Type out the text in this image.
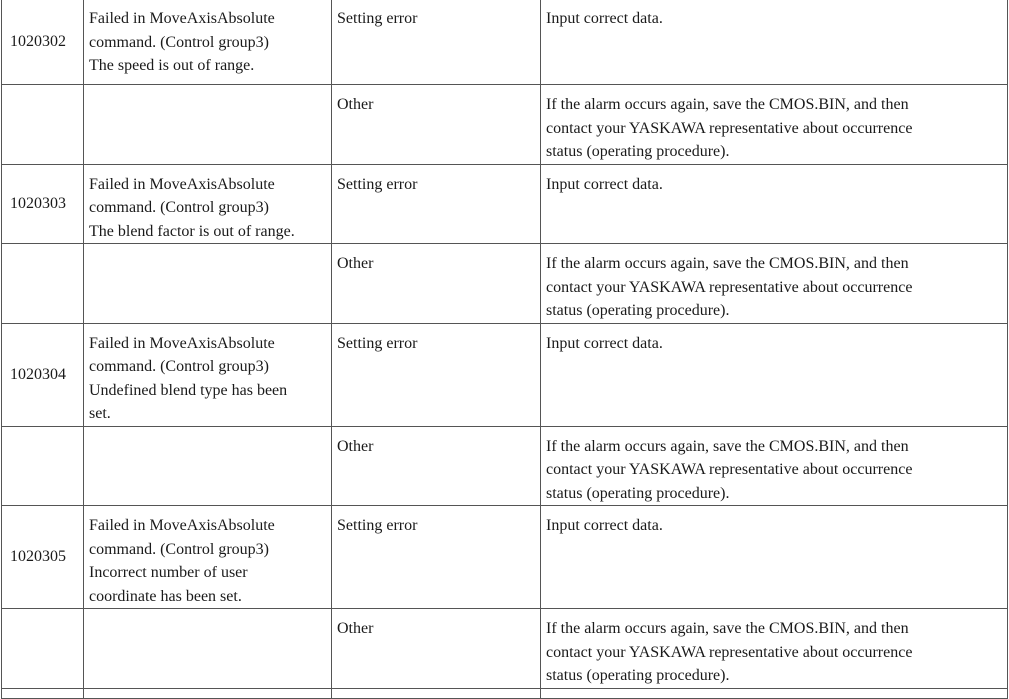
1020302	Failed in MoveAxisAbsolute
command. (Control group3)
The speed is out of range.	Setting error	Input correct data.
		Other	If the alarm occurs again, save the CMOS.BIN, and then
contact your YASKAWA representative about occurrence
status (operating procedure).

1020303	Failed in MoveAxisAbsolute
command. (Control group3)
The blend factor is out of range.	Setting error	Input correct data.
		Other	If the alarm occurs again, save the CMOS.BIN, and then
contact your YASKAWA representative about occurrence
status (operating procedure).

1020304	Failed in MoveAxisAbsolute
command. (Control group3)
Undefined blend type has been
set.	Setting error	Input correct data.
		Other	If the alarm occurs again, save the CMOS.BIN, and then
contact your YASKAWA representative about occurrence
status (operating procedure).

1020305	Failed in MoveAxisAbsolute
command. (Control group3)
Incorrect number of user
coordinate has been set.	Setting error	Input correct data.
		Other	If the alarm occurs again, save the CMOS.BIN, and then
contact your YASKAWA representative about occurrence
status (operating procedure).
